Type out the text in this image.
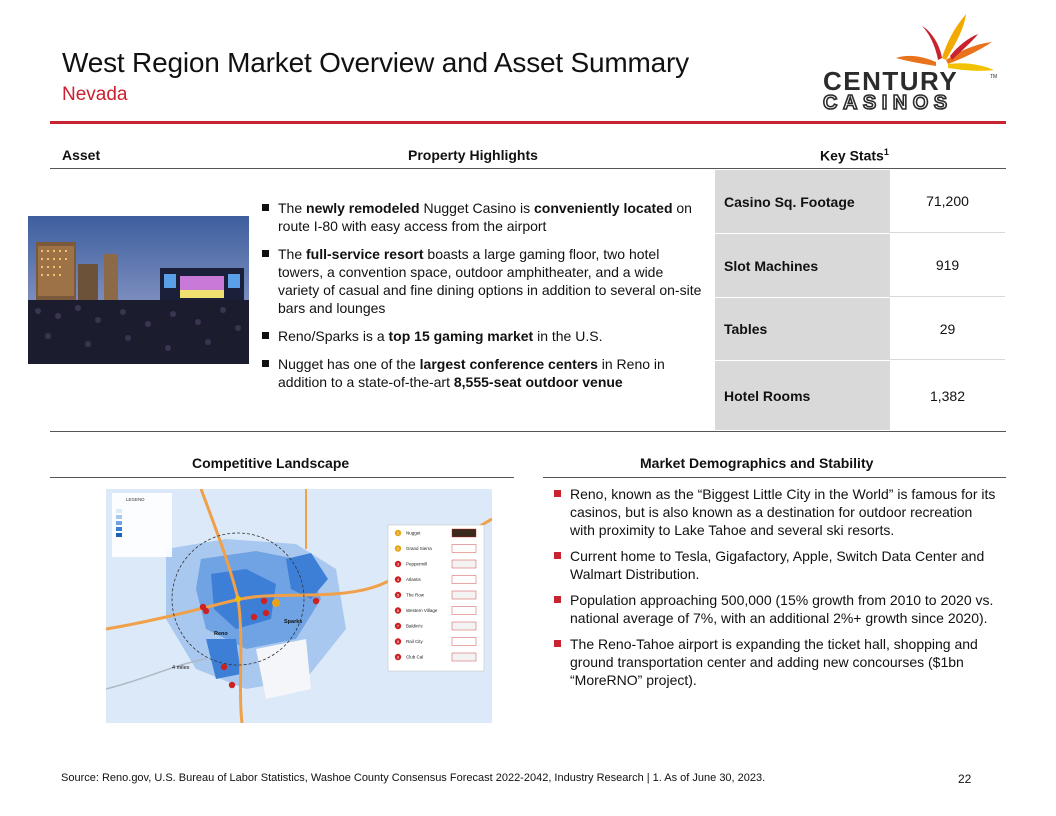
West Region Market Overview and Asset Summary
Nevada	CENTURY	TM
CASINOS
Asset	Property Highlights	Key Stats$^1$
The newly remodeled Nugget Casino is conveniently located on route I-80 with easy access from the airport
The full-service resort boasts a large gaming floor, two hotel towers, a convention space, outdoor amphitheater, and a wide variety of casual and fine dining options in addition to several on-site bars and lounges
Reno/Sparks is a top 15 gaming market in the U.S.
Nugget has one of the largest conference centers in Reno in addition to a state-of-the-art 8,555-seat outdoor venue
Casino Sq. Footage	71,200
Slot Machines	919
Tables	29
Hotel Rooms	1,382
Competitive Landscape
LEGEND
Reno
Sparks
4 miles
1 Nugget
2 Grand Sierra
3 Peppermill
4 Atlantis
5 The Row
6 Western Village
7 Baldini's
8 Rail City
9 Club Cal
Market Demographics and Stability
Reno, known as the “Biggest Little City in the World” is famous for its casinos, but is also known as a destination for outdoor recreation with proximity to Lake Tahoe and several ski resorts.
Current home to Tesla, Gigafactory, Apple, Switch Data Center and Walmart Distribution.
Population approaching 500,000 (15% growth from 2010 to 2020 vs. national average of 7%, with an additional 2%+ growth since 2020).
The Reno-Tahoe airport is expanding the ticket hall, shopping and ground transportation center and adding new concourses ($1bn “MoreRNO” project).
Source: Reno.gov, U.S. Bureau of Labor Statistics, Washoe County Consensus Forecast 2022-2042, Industry Research | 1. As of June 30, 2023.	22
